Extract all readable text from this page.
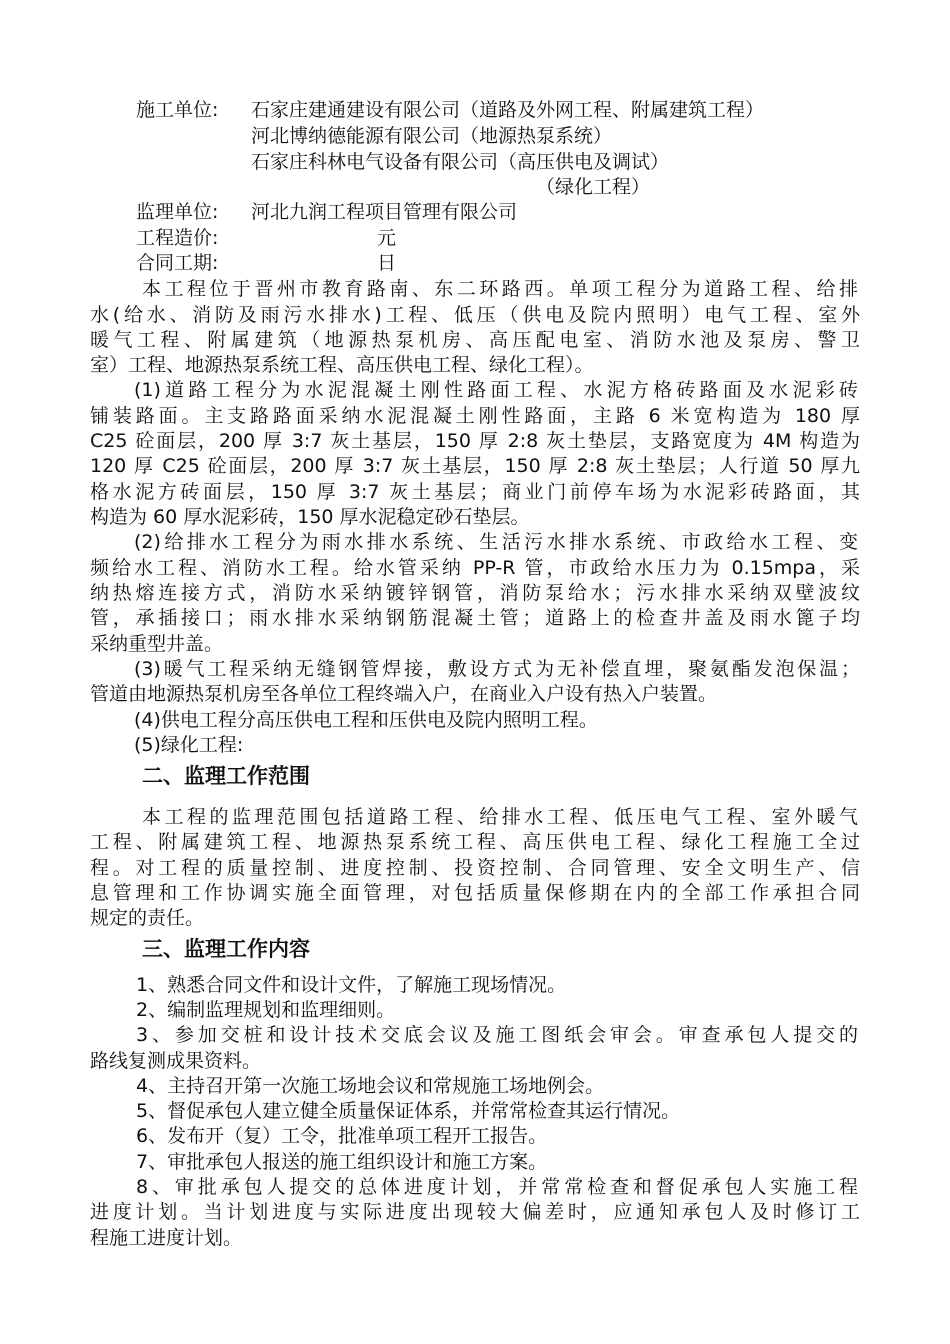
施工单位: 石家庄建通建设有限公司（道路及外网工程、附属建筑工程）
河北博纳德能源有限公司（地源热泵系统）
石家庄科林电气设备有限公司（高压供电及调试）
（绿化工程）
监理单位: 河北九润工程项目管理有限公司
工程造价:	元
合同工期:	日
本工程位于晋州市教育路南、东二环路西。单项工程分为道路工程、给排
水(给水、消防及雨污水排水)工程、低压（供电及院内照明）电气工程、室外
暖气工程、附属建筑（地源热泵机房、高压配电室、消防水池及泵房、警卫
室）工程、地源热泵系统工程、高压供电工程、绿化工程）。
(1)道路工程分为水泥混凝土刚性路面工程、水泥方格砖路面及水泥彩砖
铺装路面。主支路路面采纳水泥混凝土刚性路面，主路 6 米宽构造为 180 厚
C25 砼面层，200 厚 3:7 灰土基层，150 厚 2:8 灰土垫层，支路宽度为 4M 构造为
120 厚 C25 砼面层，200 厚 3:7 灰土基层，150 厚 2:8 灰土垫层；人行道 50 厚九
格水泥方砖面层，150 厚 3:7 灰土基层；商业门前停车场为水泥彩砖路面，其
构造为 60 厚水泥彩砖，150 厚水泥稳定砂石垫层。
(2)给排水工程分为雨水排水系统、生活污水排水系统、市政给水工程、变
频给水工程、消防水工程。给水管采纳 PP-R 管，市政给水压力为 0.15mpa，采
纳热熔连接方式，消防水采纳镀锌钢管，消防泵给水；污水排水采纳双壁波纹
管，承插接口；雨水排水采纳钢筋混凝土管；道路上的检查井盖及雨水篦子均
采纳重型井盖。
(3)暖气工程采纳无缝钢管焊接，敷设方式为无补偿直埋，聚氨酯发泡保温；
管道由地源热泵机房至各单位工程终端入户，在商业入户设有热入户装置。
(4)供电工程分高压供电工程和压供电及院内照明工程。
(5)绿化工程:
二、监理工作范围
本工程的监理范围包括道路工程、给排水工程、低压电气工程、室外暖气
工程、附属建筑工程、地源热泵系统工程、高压供电工程、绿化工程施工全过
程。对工程的质量控制、进度控制、投资控制、合同管理、安全文明生产、信
息管理和工作协调实施全面管理，对包括质量保修期在内的全部工作承担合同
规定的责任。
三、监理工作内容
1、熟悉合同文件和设计文件，了解施工现场情况。
2、编制监理规划和监理细则。
3、参加交桩和设计技术交底会议及施工图纸会审会。审查承包人提交的
路线复测成果资料。
4、主持召开第一次施工场地会议和常规施工场地例会。
5、督促承包人建立健全质量保证体系，并常常检查其运行情况。
6、发布开（复）工令，批准单项工程开工报告。
7、审批承包人报送的施工组织设计和施工方案。
8、审批承包人提交的总体进度计划，并常常检查和督促承包人实施工程
进度计划。当计划进度与实际进度出现较大偏差时，应通知承包人及时修订工
程施工进度计划。
